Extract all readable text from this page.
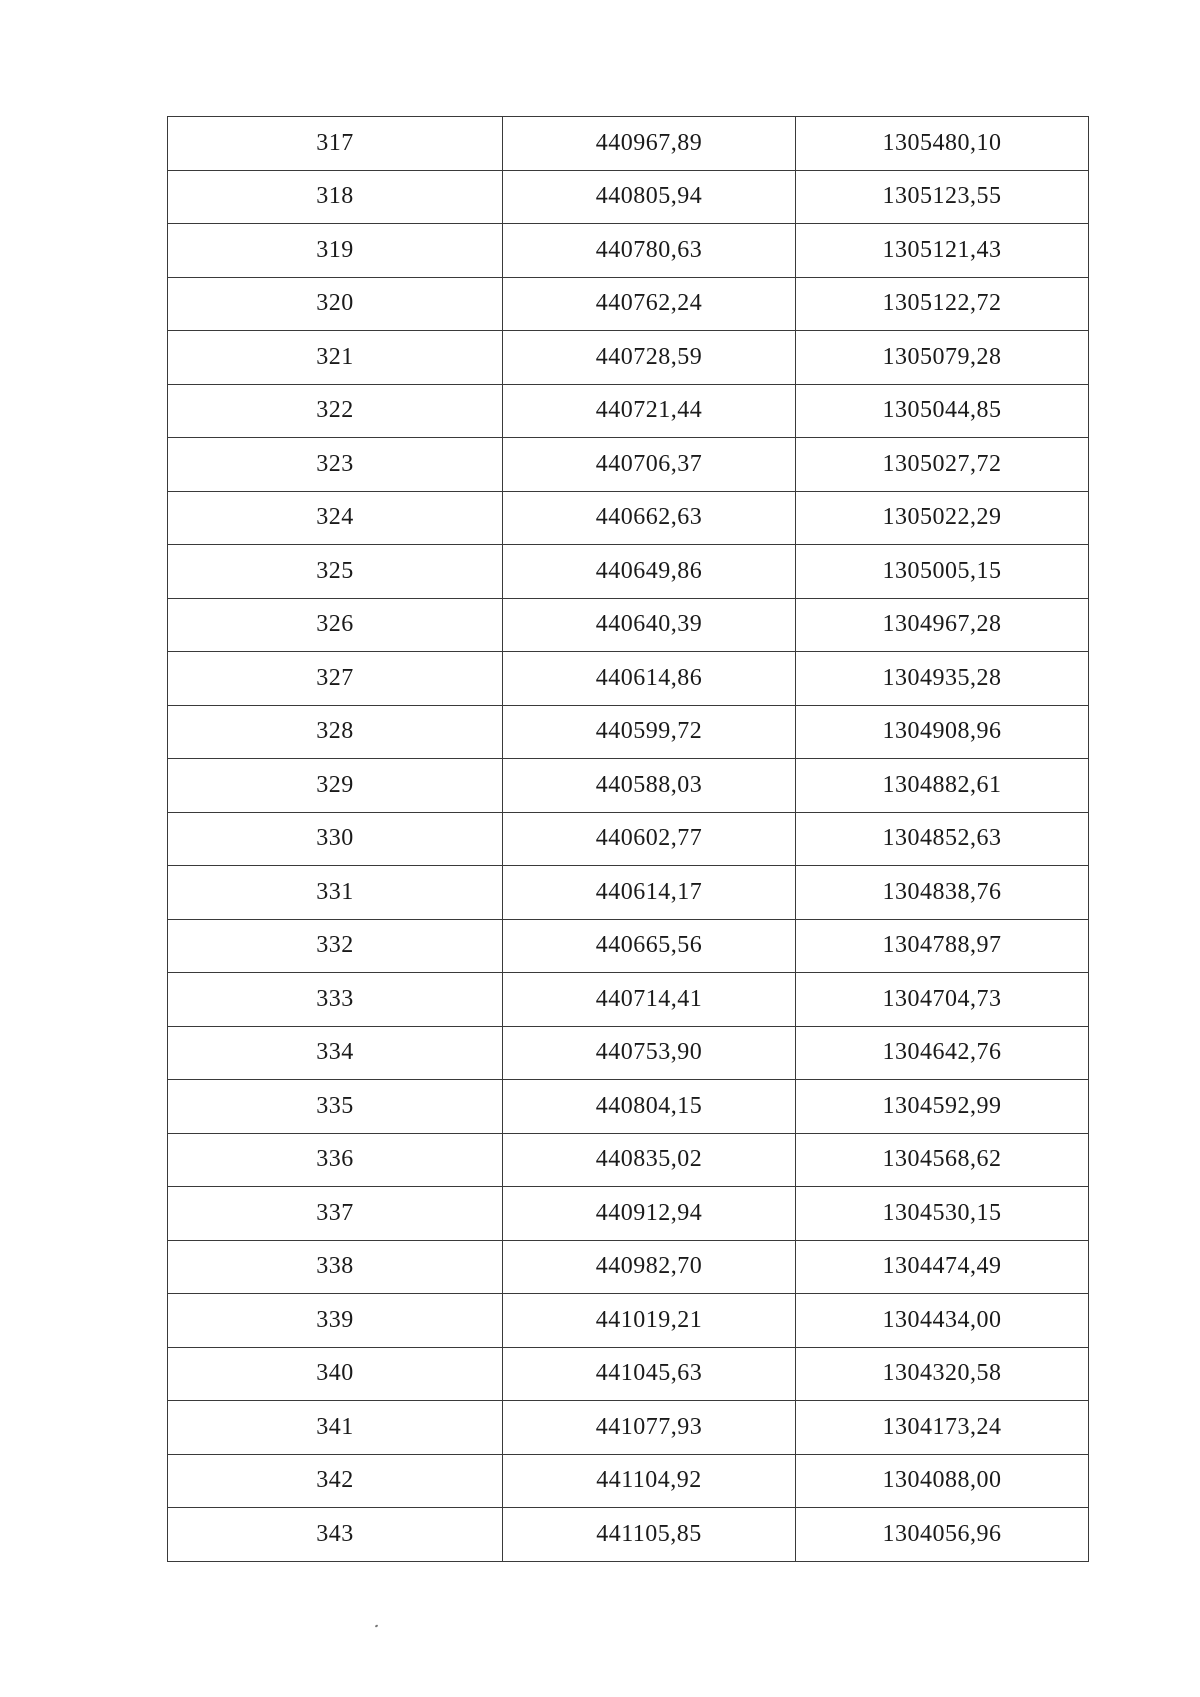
317	440967,89	1305480,10
318	440805,94	1305123,55
319	440780,63	1305121,43
320	440762,24	1305122,72
321	440728,59	1305079,28
322	440721,44	1305044,85
323	440706,37	1305027,72
324	440662,63	1305022,29
325	440649,86	1305005,15
326	440640,39	1304967,28
327	440614,86	1304935,28
328	440599,72	1304908,96
329	440588,03	1304882,61
330	440602,77	1304852,63
331	440614,17	1304838,76
332	440665,56	1304788,97
333	440714,41	1304704,73
334	440753,90	1304642,76
335	440804,15	1304592,99
336	440835,02	1304568,62
337	440912,94	1304530,15
338	440982,70	1304474,49
339	441019,21	1304434,00
340	441045,63	1304320,58
341	441077,93	1304173,24
342	441104,92	1304088,00
343	441105,85	1304056,96
